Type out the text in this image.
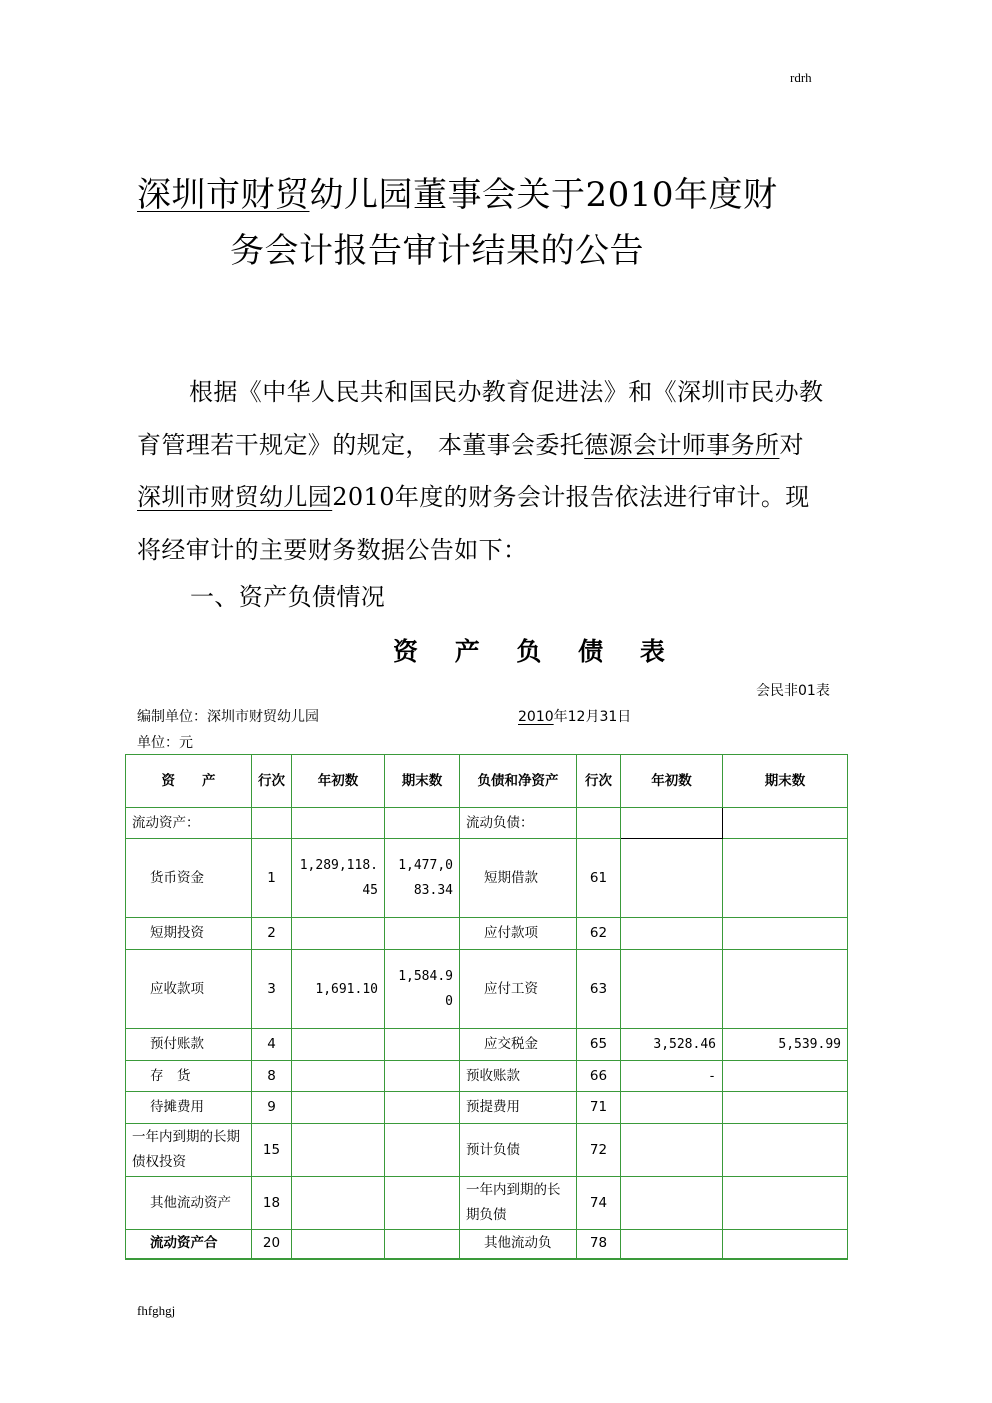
rdrh
深圳市财贸幼儿园董事会关于2010年度财
务会计报告审计结果的公告
根据《中华人民共和国民办教育促进法》和《深圳市民办教育管理若干规定》的规定， 本董事会委托德源会计师事务所对深圳市财贸幼儿园2010年度的财务会计报告依法进行审计。现将经审计的主要财务数据公告如下：
一、资产负债情况
资 产 负 债 表
会民非01表
编制单位：深圳市财贸幼儿园	2010年12月31日
单位：元
资　　产	行次	年初数	期末数	负债和净资产	行次	年初数	期末数
流动资产：				流动负债：			
货币资金	1	1,289,118.45	1,477,083.34	短期借款	61		
短期投资	2			应付款项	62		
应收款项	3	1,691.10	1,584.90	应付工资	63		
预付账款	4			应交税金	65	3,528.46	5,539.99
存　货	8			预收账款	66	-	
待摊费用	9			预提费用	71		
一年内到期的长期债权投资	15			预计负债	72		
其他流动资产	18			一年内到期的长期负债	74		
流动资产合	20			其他流动负	78		
fhfghgj
